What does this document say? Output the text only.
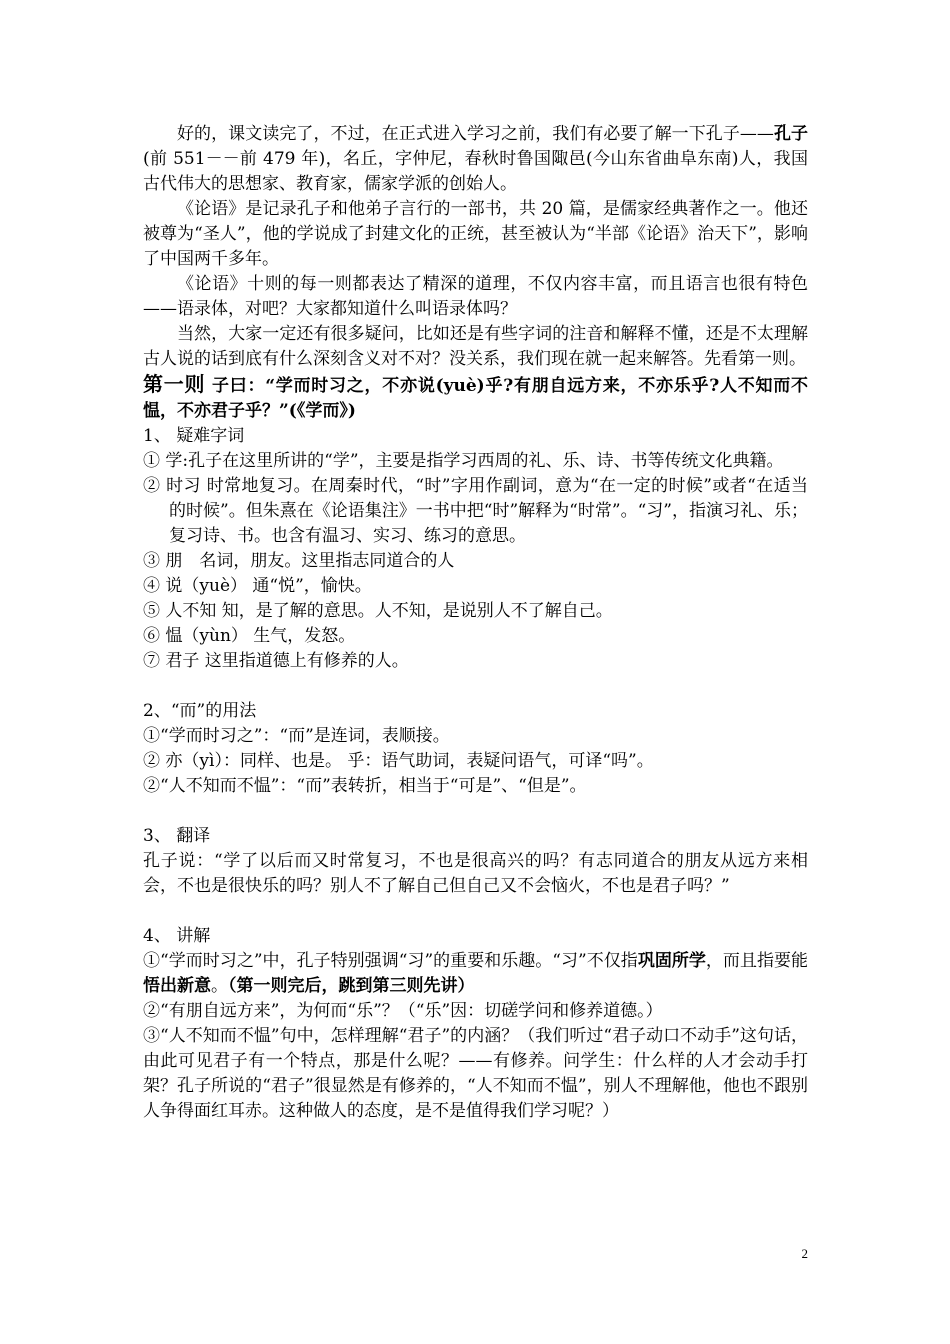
好的，课文读完了，不过，在正式进入学习之前，我们有必要了解一下孔子——孔子(前 551－－前 479 年)，名丘，字仲尼，春秋时鲁国陬邑(今山东省曲阜东南)人，我国古代伟大的思想家、教育家，儒家学派的创始人。

《论语》是记录孔子和他弟子言行的一部书，共 20 篇，是儒家经典著作之一。他还被尊为“圣人”，他的学说成了封建文化的正统，甚至被认为“半部《论语》治天下”，影响了中国两千多年。

《论语》十则的每一则都表达了精深的道理，不仅内容丰富，而且语言也很有特色——语录体，对吧？大家都知道什么叫语录体吗？

当然，大家一定还有很多疑问，比如还是有些字词的注音和解释不懂，还是不太理解古人说的话到底有什么深刻含义对不对？没关系，我们现在就一起来解答。先看第一则。

第一则 子曰：“学而时习之，不亦说(yuè)乎?有朋自远方来，不亦乐乎?人不知而不愠，不亦君子乎？”(《学而》)

1、 疑难字词

① 学:孔子在这里所讲的“学”，主要是指学习西周的礼、乐、诗、书等传统文化典籍。

② 时习 时常地复习。在周秦时代，“时”字用作副词，意为“在一定的时候”或者“在适当的时候”。但朱熹在《论语集注》一书中把“时”解释为“时常”。“习”，指演习礼、乐；复习诗、书。也含有温习、实习、练习的意思。

③ 朋　名词，朋友。这里指志同道合的人

④ 说（yuè） 通“悦”，愉快。

⑤ 人不知 知，是了解的意思。人不知，是说别人不了解自己。

⑥ 愠（yùn） 生气，发怒。

⑦ 君子 这里指道德上有修养的人。

2、“而”的用法

①“学而时习之”：“而”是连词，表顺接。

② 亦（yì）：同样、也是。 乎：语气助词，表疑问语气，可译“吗”。

②“人不知而不愠”：“而”表转折，相当于“可是”、“但是”。

3、 翻译

孔子说：“学了以后而又时常复习，不也是很高兴的吗？有志同道合的朋友从远方来相会，不也是很快乐的吗？别人不了解自己但自己又不会恼火，不也是君子吗？”

4、 讲解

①“学而时习之”中，孔子特别强调“习”的重要和乐趣。“习”不仅指巩固所学，而且指要能悟出新意。（第一则完后，跳到第三则先讲）

②“有朋自远方来”，为何而“乐”？（“乐”因：切磋学问和修养道德。）

③“人不知而不愠”句中，怎样理解“君子”的内涵？（我们听过“君子动口不动手”这句话，由此可见君子有一个特点，那是什么呢？——有修养。问学生：什么样的人才会动手打架？孔子所说的“君子”很显然是有修养的，“人不知而不愠”，别人不理解他，他也不跟别人争得面红耳赤。这种做人的态度，是不是值得我们学习呢？）

2
